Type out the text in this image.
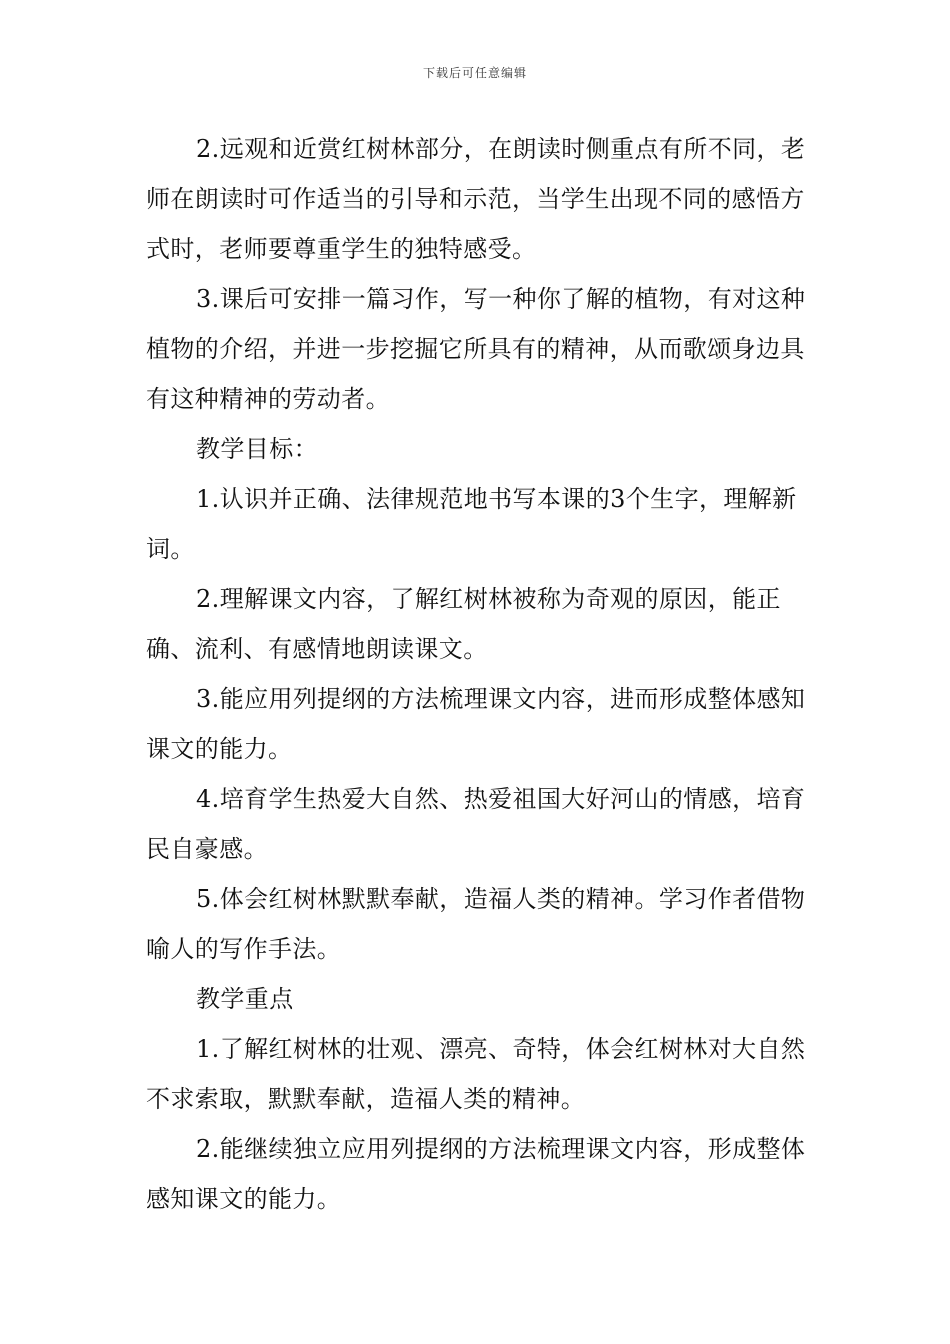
下载后可任意编辑

2.远观和近赏红树林部分，在朗读时侧重点有所不同，老师在朗读时可作适当的引导和示范，当学生出现不同的感悟方式时，老师要尊重学生的独特感受。

3.课后可安排一篇习作，写一种你了解的植物，有对这种植物的介绍，并进一步挖掘它所具有的精神，从而歌颂身边具有这种精神的劳动者。

教学目标：

1.认识并正确、法律规范地书写本课的3个生字，理解新词。

2.理解课文内容，了解红树林被称为奇观的原因，能正确、流利、有感情地朗读课文。

3.能应用列提纲的方法梳理课文内容，进而形成整体感知课文的能力。

4.培育学生热爱大自然、热爱祖国大好河山的情感，培育民自豪感。

5.体会红树林默默奉献，造福人类的精神。学习作者借物喻人的写作手法。

教学重点

1.了解红树林的壮观、漂亮、奇特，体会红树林对大自然不求索取，默默奉献，造福人类的精神。

2.能继续独立应用列提纲的方法梳理课文内容，形成整体感知课文的能力。
